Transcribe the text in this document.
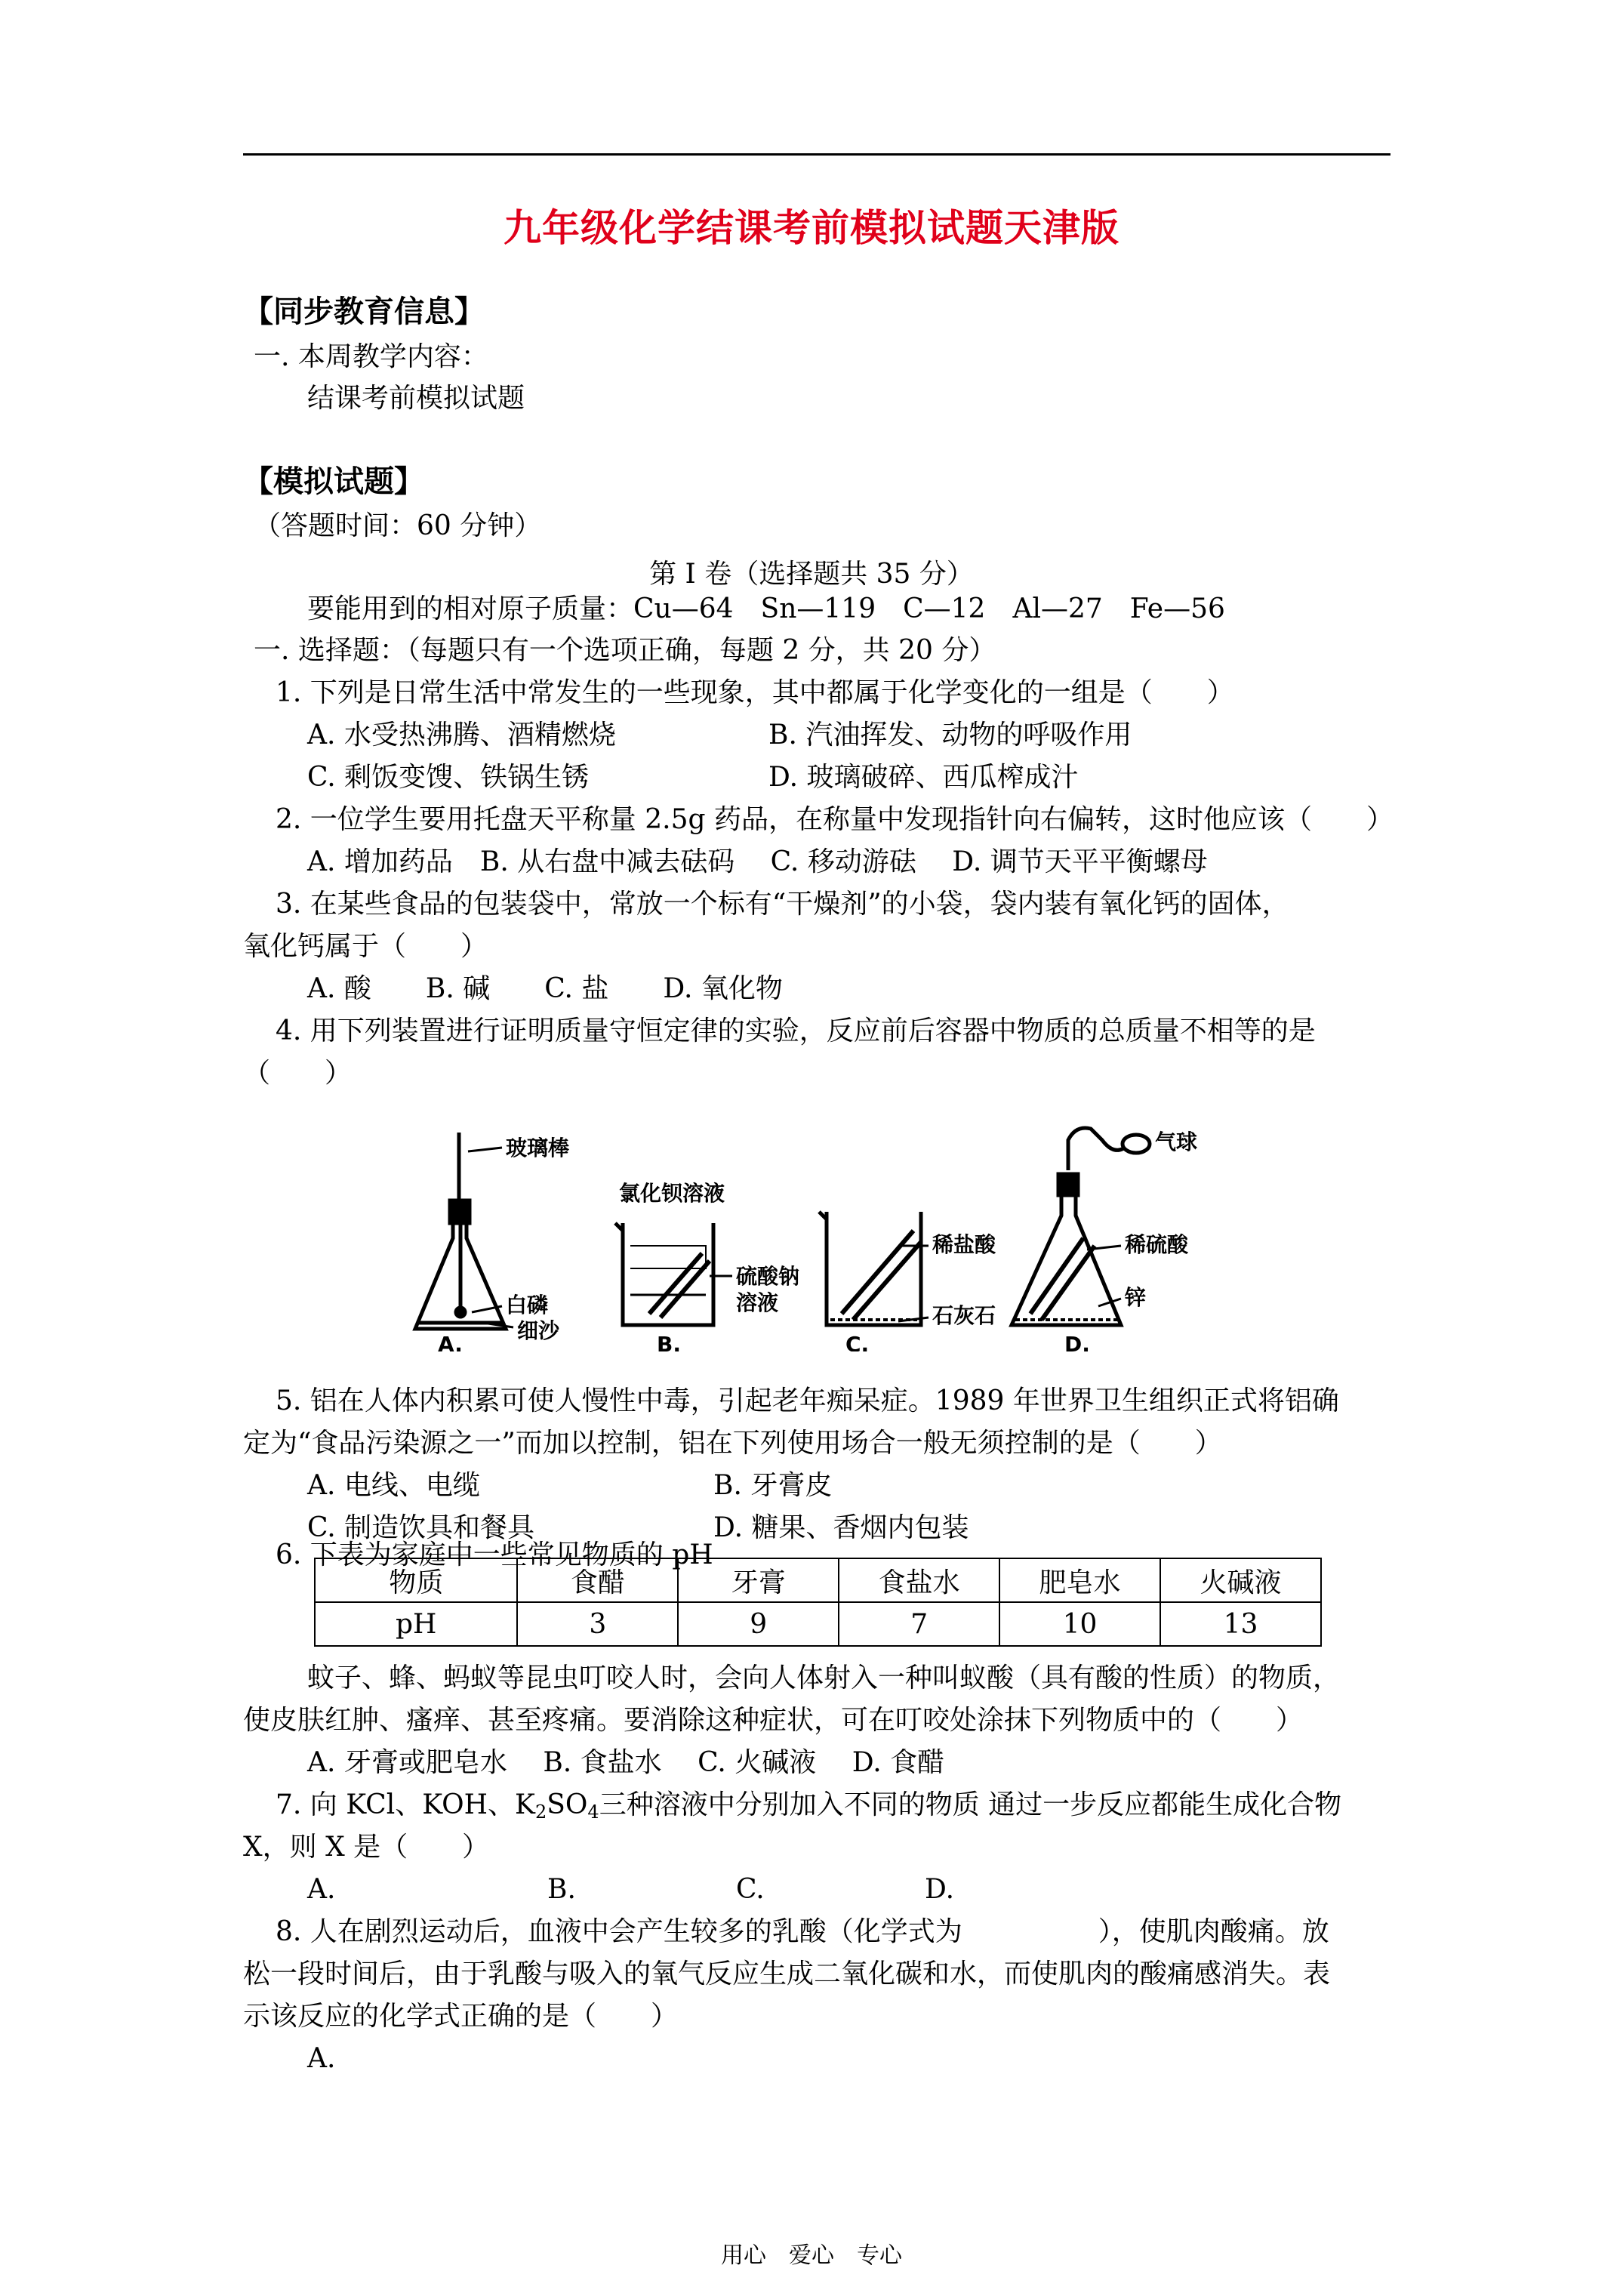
九年级化学结课考前模拟试题天津版
【同步教育信息】
一. 本周教学内容：
结课考前模拟试题
【模拟试题】
（答题时间：60 分钟）
第 I 卷（选择题共 35 分）
要能用到的相对原子质量：Cu—64　Sn—119　C—12　Al—27　Fe—56
一. 选择题：（每题只有一个选项正确，每题 2 分，共 20 分）
1. 下列是日常生活中常发生的一些现象，其中都属于化学变化的一组是（　　）
A. 水受热沸腾、酒精燃烧	B. 汽油挥发、动物的呼吸作用
C. 剩饭变馊、铁锅生锈	D. 玻璃破碎、西瓜榨成汁
2. 一位学生要用托盘天平称量 2.5g 药品，在称量中发现指针向右偏转，这时他应该（　　）
A. 增加药品　B. 从右盘中减去砝码　 C. 移动游砝　 D. 调节天平平衡螺母
3. 在某些食品的包装袋中，常放一个标有“干燥剂”的小袋，袋内装有氧化钙的固体，
氧化钙属于（　　）
A. 酸　　B. 碱　　C. 盐　　D. 氧化物
4. 用下列装置进行证明质量守恒定律的实验，反应前后容器中物质的总质量不相等的是
（　　）
玻璃棒
白磷
细沙
A.
氯化钡溶液
硫酸钠
溶液
B.
稀盐酸
石灰石
C.
气球
稀硫酸
锌
D.
5. 铝在人体内积累可使人慢性中毒，引起老年痴呆症。1989 年世界卫生组织正式将铝确
定为“食品污染源之一”而加以控制，铝在下列使用场合一般无须控制的是（　　）
A. 电线、电缆	B. 牙膏皮
C. 制造饮具和餐具	D. 糖果、香烟内包装
6. 下表为家庭中一些常见物质的 pH
物质	食醋	牙膏	食盐水	肥皂水	火碱液
pH	3	9	7	10	13
蚊子、蜂、蚂蚁等昆虫叮咬人时，会向人体射入一种叫蚁酸（具有酸的性质）的物质，
使皮肤红肿、瘙痒、甚至疼痛。要消除这种症状，可在叮咬处涂抹下列物质中的（　　）
A. 牙膏或肥皂水　 B. 食盐水　 C. 火碱液　 D. 食醋
7. 向 KCl、KOH、$K_2SO_4$三种溶液中分别加入不同的物质 通过一步反应都能生成化合物
X，则 X 是（　　）
A.	B.	C.	D.
8. 人在剧烈运动后，血液中会产生较多的乳酸（化学式为　　　　　），使肌肉酸痛。放
松一段时间后，由于乳酸与吸入的氧气反应生成二氧化碳和水，而使肌肉的酸痛感消失。表
示该反应的化学式正确的是（　　）
A.
用心　爱心　专心
